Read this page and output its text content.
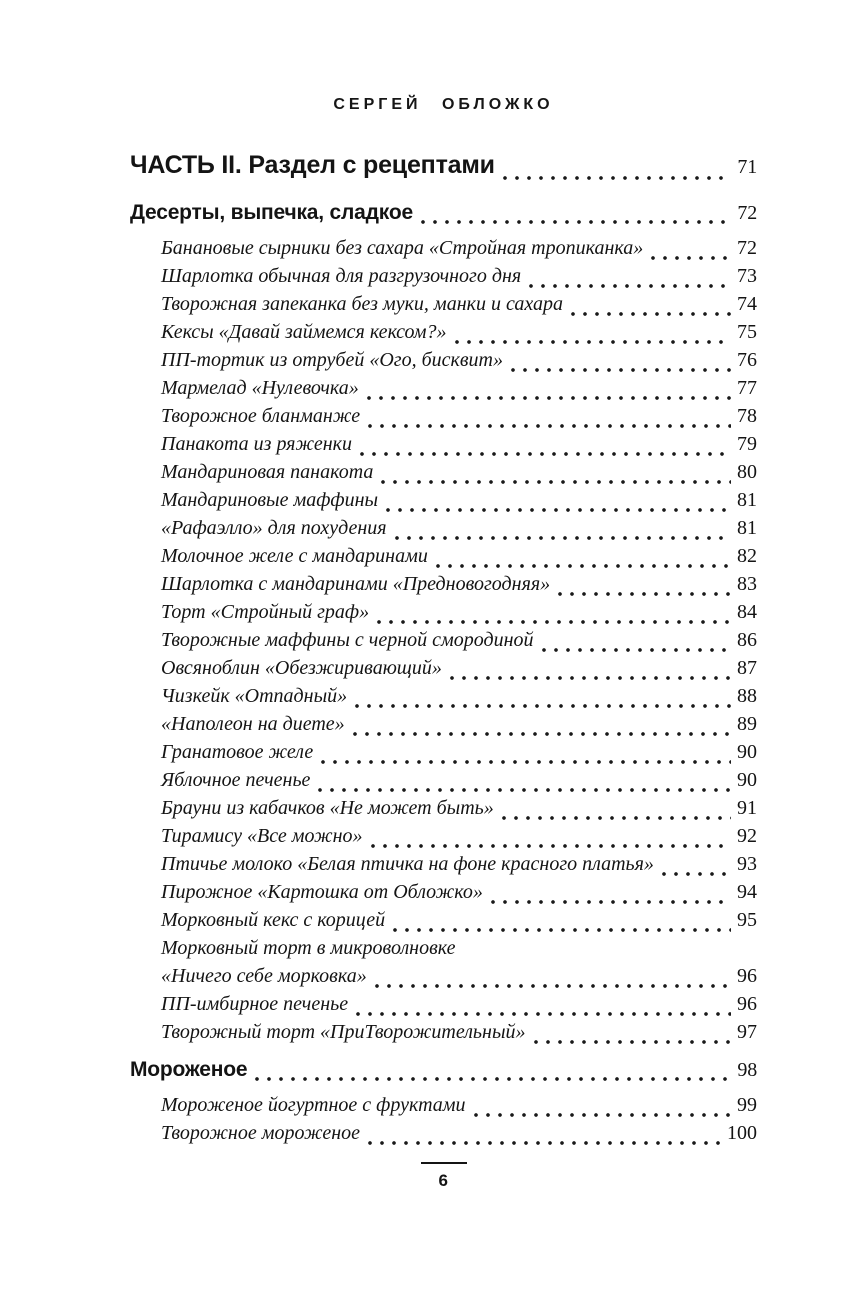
СЕРГЕЙ ОБЛОЖКО
ЧАСТЬ II. Раздел с рецептами	71
Десерты, выпечка, сладкое	72
Банановые сырники без сахара «Стройная тропиканка»	72
Шарлотка обычная для разгрузочного дня	73
Творожная запеканка без муки, манки и сахара	74
Кексы «Давай займемся кексом?»	75
ПП-тортик из отрубей «Ого, бисквит»	76
Мармелад «Нулевочка»	77
Творожное бланманже	78
Панакота из ряженки	79
Мандариновая панакота	80
Мандариновые маффины	81
«Рафаэлло» для похудения	81
Молочное желе с мандаринами	82
Шарлотка с мандаринами «Предновогодняя»	83
Торт «Стройный граф»	84
Творожные маффины с черной смородиной	86
Овсяноблин «Обезжиривающий»	87
Чизкейк «Отпадный»	88
«Наполеон на диете»	89
Гранатовое желе	90
Яблочное печенье	90
Брауни из кабачков «Не может быть»	91
Тирамису «Все можно»	92
Птичье молоко «Белая птичка на фоне красного платья»	93
Пирожное «Картошка от Обложко»	94
Морковный кекс с корицей	95
Морковный торт в микроволновке
«Ничего себе морковка»	96
ПП-имбирное печенье	96
Творожный торт «ПриТворожительный»	97
Мороженое	98
Мороженое йогуртное с фруктами	99
Творожное мороженое	100
6
